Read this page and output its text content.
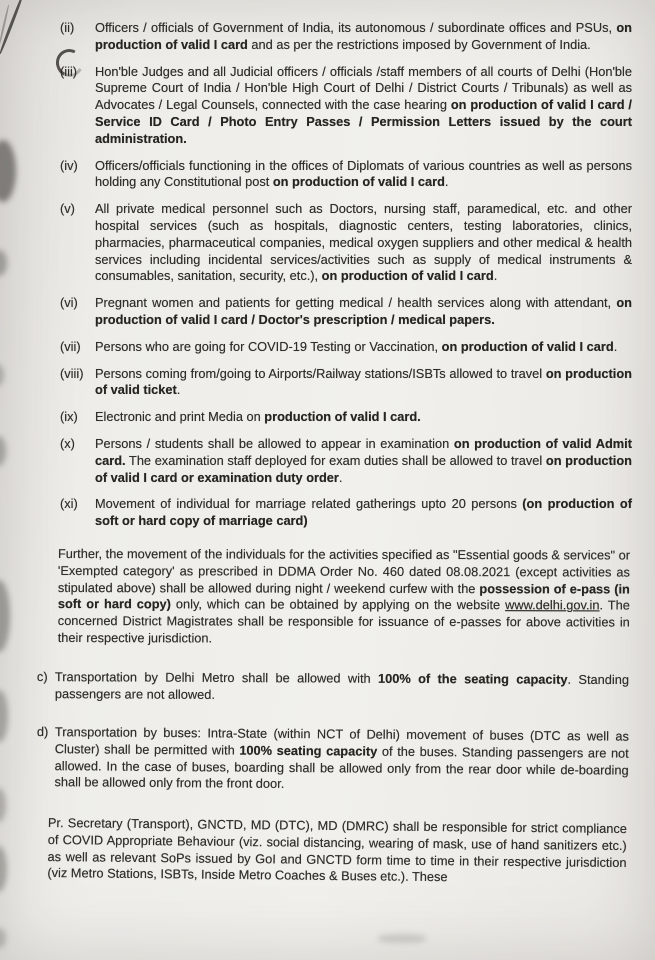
(ii)	Officers / officials of Government of India, its autonomous / subordinate offices and PSUs, on production of valid I card and as per the restrictions imposed by Government of India.
(iii)	Hon'ble Judges and all Judicial officers / officials /staff members of all courts of Delhi (Hon'ble Supreme Court of India / Hon'ble High Court of Delhi / District Courts / Tribunals) as well as Advocates / Legal Counsels, connected with the case hearing on production of valid I card / Service ID Card / Photo Entry Passes / Permission Letters issued by the court administration.
(iv)	Officers/officials functioning in the offices of Diplomats of various countries as well as persons holding any Constitutional post on production of valid I card.
(v)	All private medical personnel such as Doctors, nursing staff, paramedical, etc. and other hospital services (such as hospitals, diagnostic centers, testing laboratories, clinics, pharmacies, pharmaceutical companies, medical oxygen suppliers and other medical & health services including incidental services/activities such as supply of medical instruments & consumables, sanitation, security, etc.), on production of valid I card.
(vi)	Pregnant women and patients for getting medical / health services along with attendant, on production of valid I card / Doctor's prescription / medical papers.
(vii)	Persons who are going for COVID-19 Testing or Vaccination, on production of valid I card.
(viii) Persons coming from/going to Airports/Railway stations/ISBTs allowed to travel on production of valid ticket.
(ix)	Electronic and print Media on production of valid I card.
(x)	Persons / students shall be allowed to appear in examination on production of valid Admit card. The examination staff deployed for exam duties shall be allowed to travel on production of valid I card or examination duty order.
(xi)	Movement of individual for marriage related gatherings upto 20 persons (on production of soft or hard copy of marriage card)
Further, the movement of the individuals for the activities specified as "Essential goods & services" or 'Exempted category' as prescribed in DDMA Order No. 460 dated 08.08.2021 (except activities as stipulated above) shall be allowed during night / weekend curfew with the possession of e-pass (in soft or hard copy) only, which can be obtained by applying on the website www.delhi.gov.in. The concerned District Magistrates shall be responsible for issuance of e-passes for above activities in their respective jurisdiction.
c) Transportation by Delhi Metro shall be allowed with 100% of the seating capacity. Standing passengers are not allowed.
d) Transportation by buses: Intra-State (within NCT of Delhi) movement of buses (DTC as well as Cluster) shall be permitted with 100% seating capacity of the buses. Standing passengers are not allowed. In the case of buses, boarding shall be allowed only from the rear door while de-boarding shall be allowed only from the front door.
Pr. Secretary (Transport), GNCTD, MD (DTC), MD (DMRC) shall be responsible for strict compliance of COVID Appropriate Behaviour (viz. social distancing, wearing of mask, use of hand sanitizers etc.) as well as relevant SoPs issued by GoI and GNCTD form time to time in their respective jurisdiction (viz Metro Stations, ISBTs, Inside Metro Coaches & Buses etc.). These
